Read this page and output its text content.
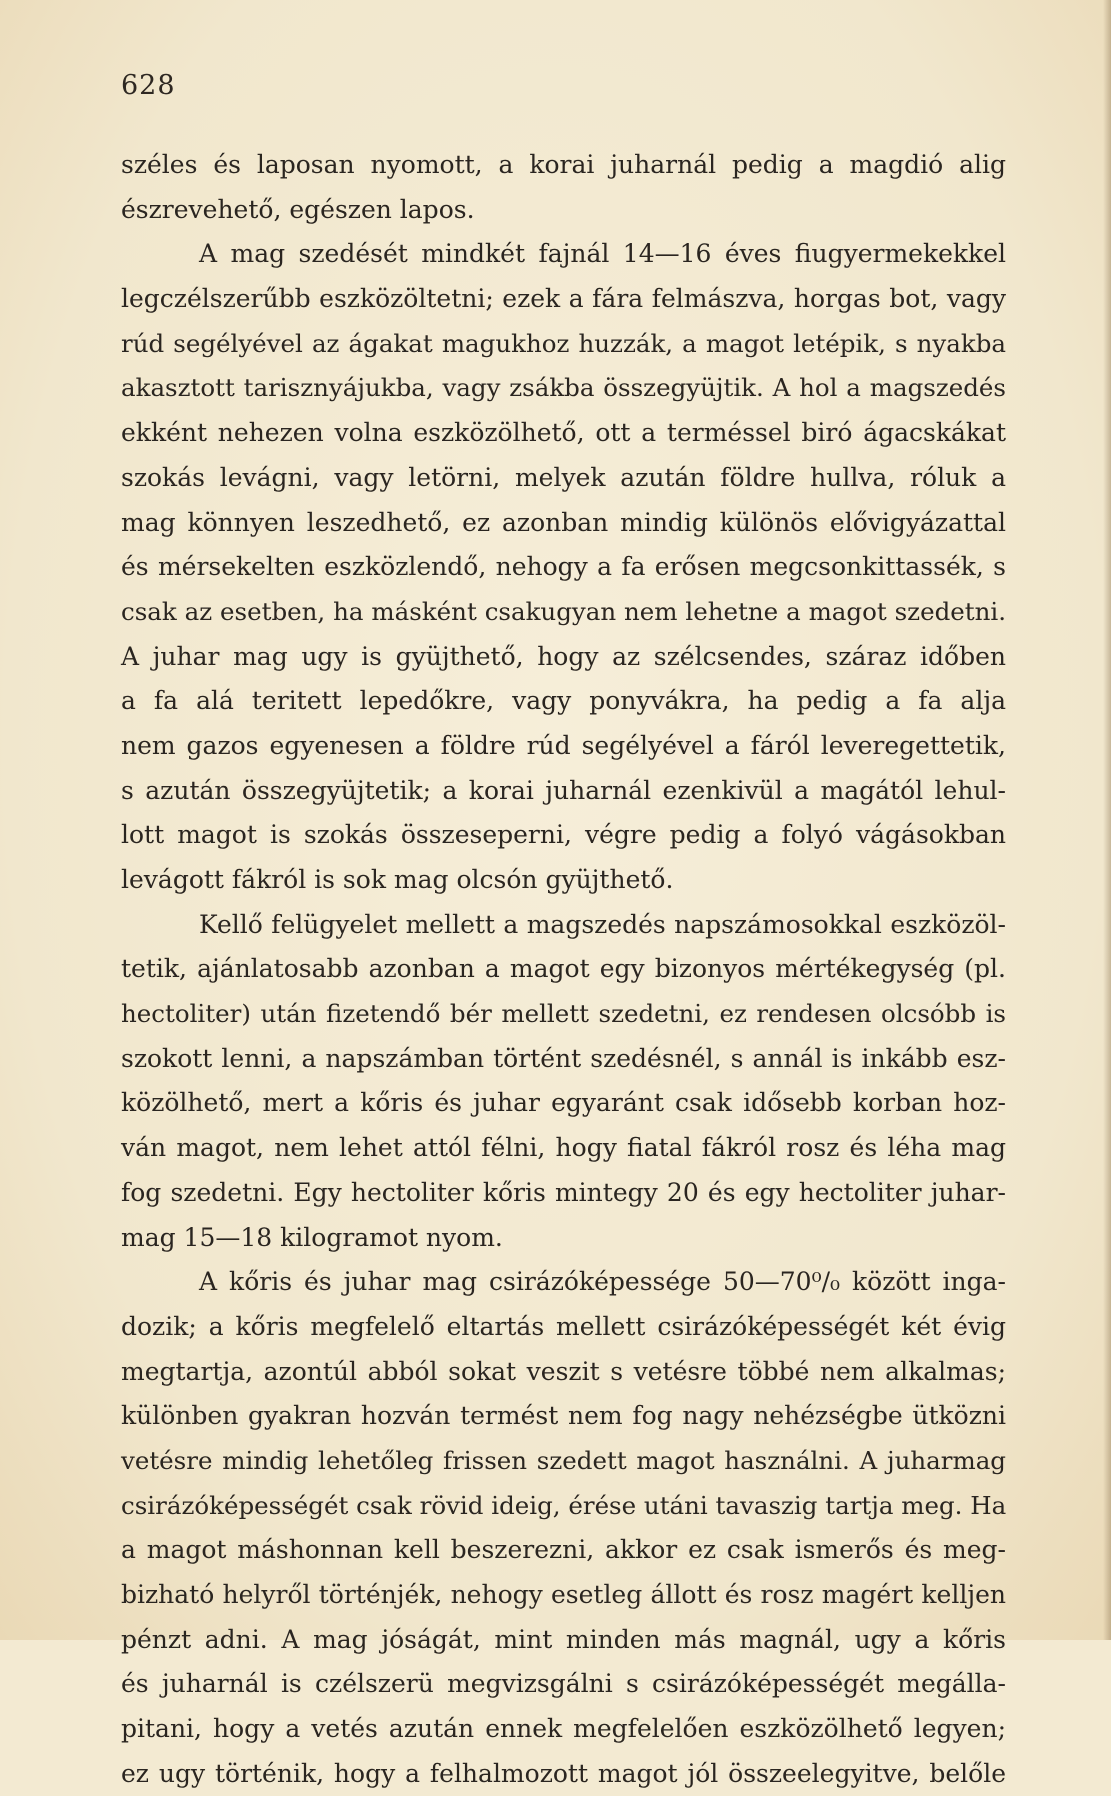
628
széles és laposan nyomott, a korai juharnál pedig a magdió alig
észrevehető, egészen lapos.
A mag szedését mindkét fajnál 14—16 éves fiugyermekekkel
legczélszerűbb eszközöltetni; ezek a fára felmászva, horgas bot, vagy
rúd segélyével az ágakat magukhoz huzzák, a magot letépik, s nyakba
akasztott tarisznyájukba, vagy zsákba összegyüjtik. A hol a magszedés
ekként nehezen volna eszközölhető, ott a terméssel biró ágacskákat
szokás levágni, vagy letörni, melyek azután földre hullva, róluk a
mag könnyen leszedhető, ez azonban mindig különös elővigyázattal
és mérsekelten eszközlendő, nehogy a fa erősen megcsonkittassék, s
csak az esetben, ha másként csakugyan nem lehetne a magot szedetni.
A juhar mag ugy is gyüjthető, hogy az szélcsendes, száraz időben
a fa alá teritett lepedőkre, vagy ponyvákra, ha pedig a fa alja
nem gazos egyenesen a földre rúd segélyével a fáról leveregettetik,
s azután összegyüjtetik; a korai juharnál ezenkivül a magától lehul-
lott magot is szokás összeseperni, végre pedig a folyó vágásokban
levágott fákról is sok mag olcsón gyüjthető.
Kellő felügyelet mellett a magszedés napszámosokkal eszközöl-
tetik, ajánlatosabb azonban a magot egy bizonyos mértékegység (pl.
hectoliter) után fizetendő bér mellett szedetni, ez rendesen olcsóbb is
szokott lenni, a napszámban történt szedésnél, s annál is inkább esz-
közölhető, mert a kőris és juhar egyaránt csak idősebb korban hoz-
ván magot, nem lehet attól félni, hogy fiatal fákról rosz és léha mag
fog szedetni. Egy hectoliter kőris mintegy 20 és egy hectoliter juhar-
mag 15—18 kilogramot nyom.
A kőris és juhar mag csirázóképessége 50—70⁰/₀ között inga-
dozik; a kőris megfelelő eltartás mellett csirázóképességét két évig
megtartja, azontúl abból sokat veszit s vetésre többé nem alkalmas;
különben gyakran hozván termést nem fog nagy nehézségbe ütközni
vetésre mindig lehetőleg frissen szedett magot használni. A juharmag
csirázóképességét csak rövid ideig, érése utáni tavaszig tartja meg. Ha
a magot máshonnan kell beszerezni, akkor ez csak ismerős és meg-
bizható helyről történjék, nehogy esetleg állott és rosz magért kelljen
pénzt adni. A mag jóságát, mint minden más magnál, ugy a kőris
és juharnál is czélszerü megvizsgálni s csirázóképességét megálla-
pitani, hogy a vetés azután ennek megfelelően eszközölhető legyen;
ez ugy történik, hogy a felhalmozott magot jól összeelegyitve, belőle
